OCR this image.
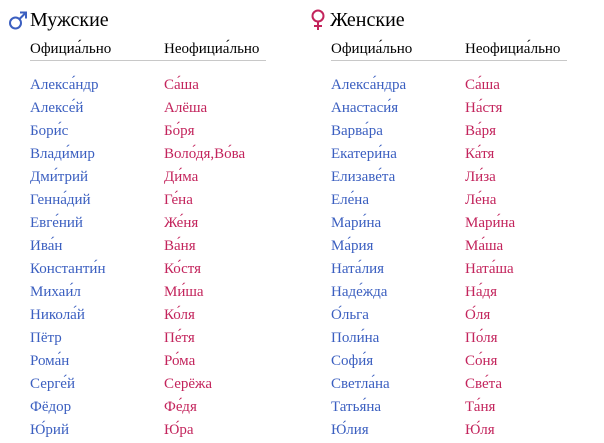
Мужские
Официа́льно	Неофициа́льно
Алекса́ндр
Алексе́й
Бори́с
Влади́мир
Дми́трий
Генна́дий
Евге́ний
Ива́н
Константи́н
Михаи́л
Никола́й
Пётр
Рома́н
Серге́й
Фёдор
Ю́рий
Са́ша
Алёша
Бо́ря
Воло́дя,Во́ва
Ди́ма
Ге́на
Же́ня
Ва́ня
Ко́стя
Ми́ша
Ко́ля
Пе́тя
Ро́ма
Серёжа
Фе́дя
Ю́ра
Женские
Официа́льно	Неофициа́льно
Алекса́ндра
Анастаси́я
Варва́ра
Екатери́на
Елизаве́та
Еле́на
Мари́на
Ма́рия
Ната́лия
Наде́жда
О́льга
Поли́на
Софи́я
Светла́на
Татья́на
Ю́лия
Са́ша
На́стя
Ва́ря
Ка́тя
Ли́за
Ле́на
Мари́на
Ма́ша
Ната́ша
На́дя
О́ля
По́ля
Со́ня
Све́та
Та́ня
Ю́ля
